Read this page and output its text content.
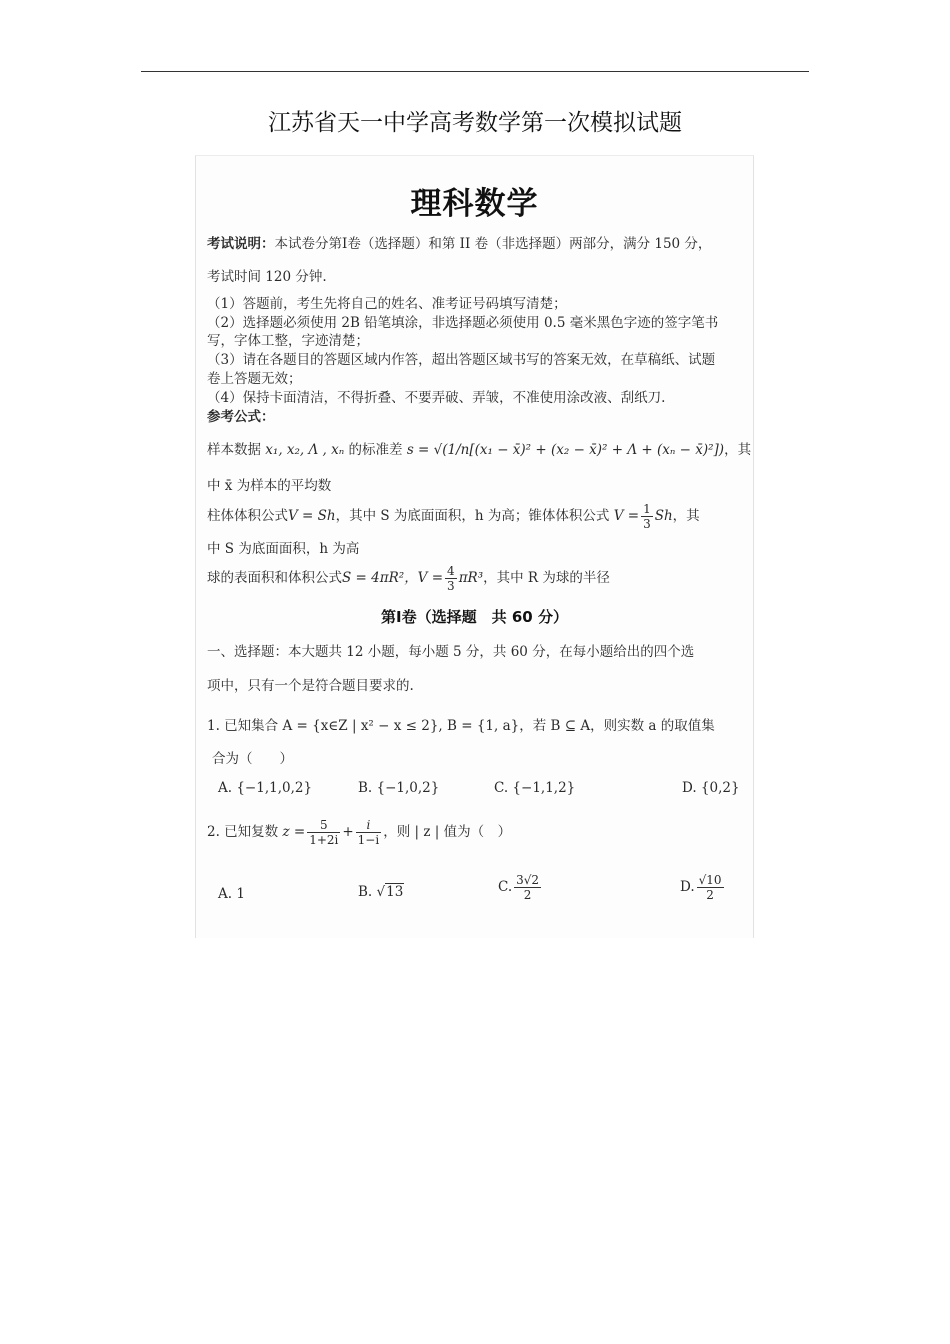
江苏省天一中学高考数学第一次模拟试题
理科数学
考试说明：本试卷分第Ⅰ卷（选择题）和第 II 卷（非选择题）两部分，满分 150 分，
考试时间 120 分钟.
（1）答题前，考生先将自己的姓名、准考证号码填写清楚；
（2）选择题必须使用 2B 铅笔填涂，非选择题必须使用 0.5 毫米黑色字迹的签字笔书
写，字体工整，字迹清楚；
（3）请在各题目的答题区域内作答，超出答题区域书写的答案无效，在草稿纸、试题
卷上答题无效；
（4）保持卡面清洁，不得折叠、不要弄破、弄皱，不准使用涂改液、刮纸刀.
参考公式：
样本数据 x₁, x₂, Λ , xₙ 的标准差 s = √(1/n[(x₁ − x̄)² + (x₂ − x̄)² + Λ + (xₙ − x̄)²])，其
中 x̄ 为样本的平均数
柱体体积公式V = Sh，其中 S 为底面面积，h 为高；锥体体积公式 $V = \frac{1}{3}$ Sh，其
中 S 为底面面积，h 为高
球的表面积和体积公式S = 4πR²，$V = \frac{4}{3} \pi R^3$，其中 R 为球的半径
第Ⅰ卷（选择题　共 60 分）
一、选择题：本大题共 12 小题，每小题 5 分，共 60 分，在每小题给出的四个选
项中，只有一个是符合题目要求的.
1. 已知集合 A = {x∈Z | x² − x ≤ 2}, B = {1, a}，若 B ⊆ A，则实数 a 的取值集
合为（　　）
A. {−1,1,0,2}	B. {−1,0,2}	C. {−1,1,2}	D. {0,2}
2. 已知复数 $z = \frac{5}{1+2i} + \frac{i}{1-i}$ ，则 | z | 值为（　）
A. 1	B. √13	C. $\frac{3√2}{2}$	D. $\frac{√10}{2}$
